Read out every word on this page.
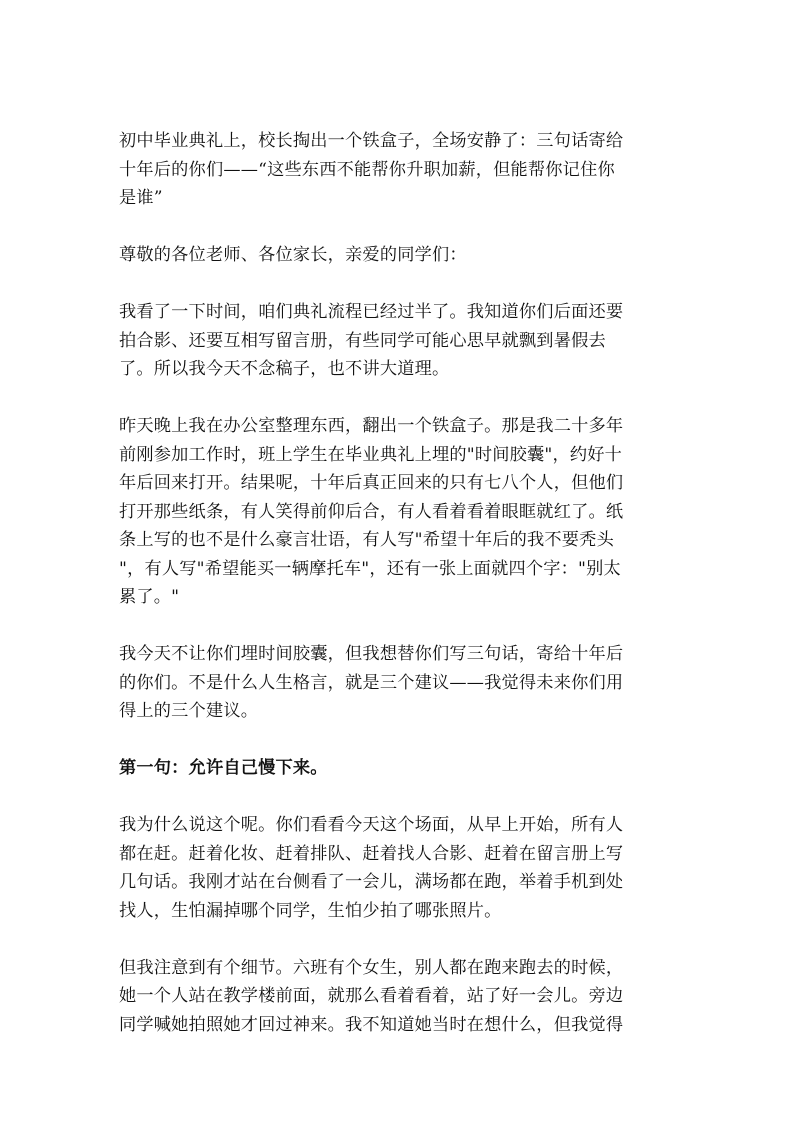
初中毕业典礼上，校长掏出一个铁盒子，全场安静了：三句话寄给
十年后的你们——“这些东西不能帮你升职加薪，但能帮你记住你
是谁”

尊敬的各位老师、各位家长，亲爱的同学们：

我看了一下时间，咱们典礼流程已经过半了。我知道你们后面还要
拍合影、还要互相写留言册，有些同学可能心思早就飘到暑假去
了。所以我今天不念稿子，也不讲大道理。

昨天晚上我在办公室整理东西，翻出一个铁盒子。那是我二十多年
前刚参加工作时，班上学生在毕业典礼上埋的"时间胶囊"，约好十
年后回来打开。结果呢，十年后真正回来的只有七八个人，但他们
打开那些纸条，有人笑得前仰后合，有人看着看着眼眶就红了。纸
条上写的也不是什么豪言壮语，有人写"希望十年后的我不要秃头
"，有人写"希望能买一辆摩托车"，还有一张上面就四个字："别太
累了。"

我今天不让你们埋时间胶囊，但我想替你们写三句话，寄给十年后
的你们。不是什么人生格言，就是三个建议——我觉得未来你们用
得上的三个建议。

第一句：允许自己慢下来。

我为什么说这个呢。你们看看今天这个场面，从早上开始，所有人
都在赶。赶着化妆、赶着排队、赶着找人合影、赶着在留言册上写
几句话。我刚才站在台侧看了一会儿，满场都在跑，举着手机到处
找人，生怕漏掉哪个同学，生怕少拍了哪张照片。

但我注意到有个细节。六班有个女生，别人都在跑来跑去的时候，
她一个人站在教学楼前面，就那么看着看着，站了好一会儿。旁边
同学喊她拍照她才回过神来。我不知道她当时在想什么，但我觉得
